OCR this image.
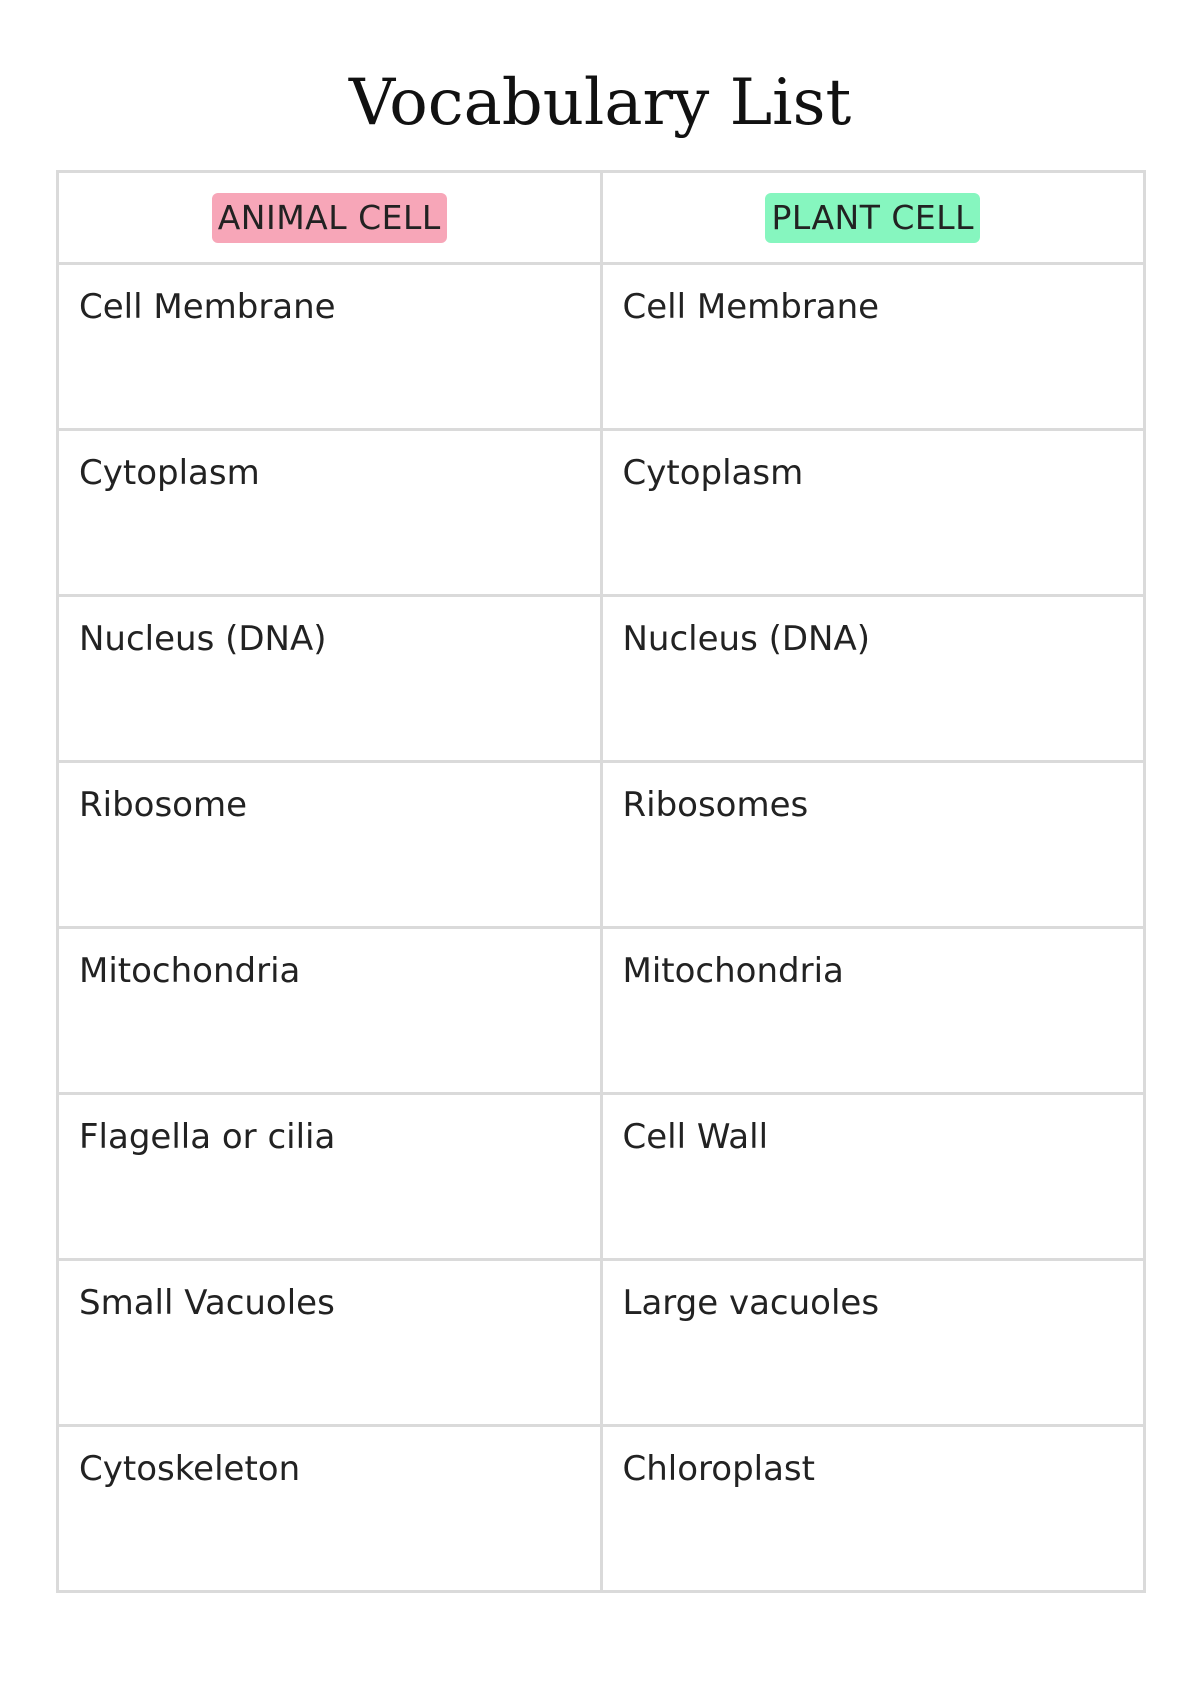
Vocabulary List
ANIMAL CELL	PLANT CELL

Cell Membrane	Cell Membrane

Cytoplasm	Cytoplasm

Nucleus (DNA)	Nucleus (DNA)

Ribosome	Ribosomes

Mitochondria	Mitochondria

Flagella or cilia	Cell Wall

Small Vacuoles	Large vacuoles

Cytoskeleton	Chloroplast
